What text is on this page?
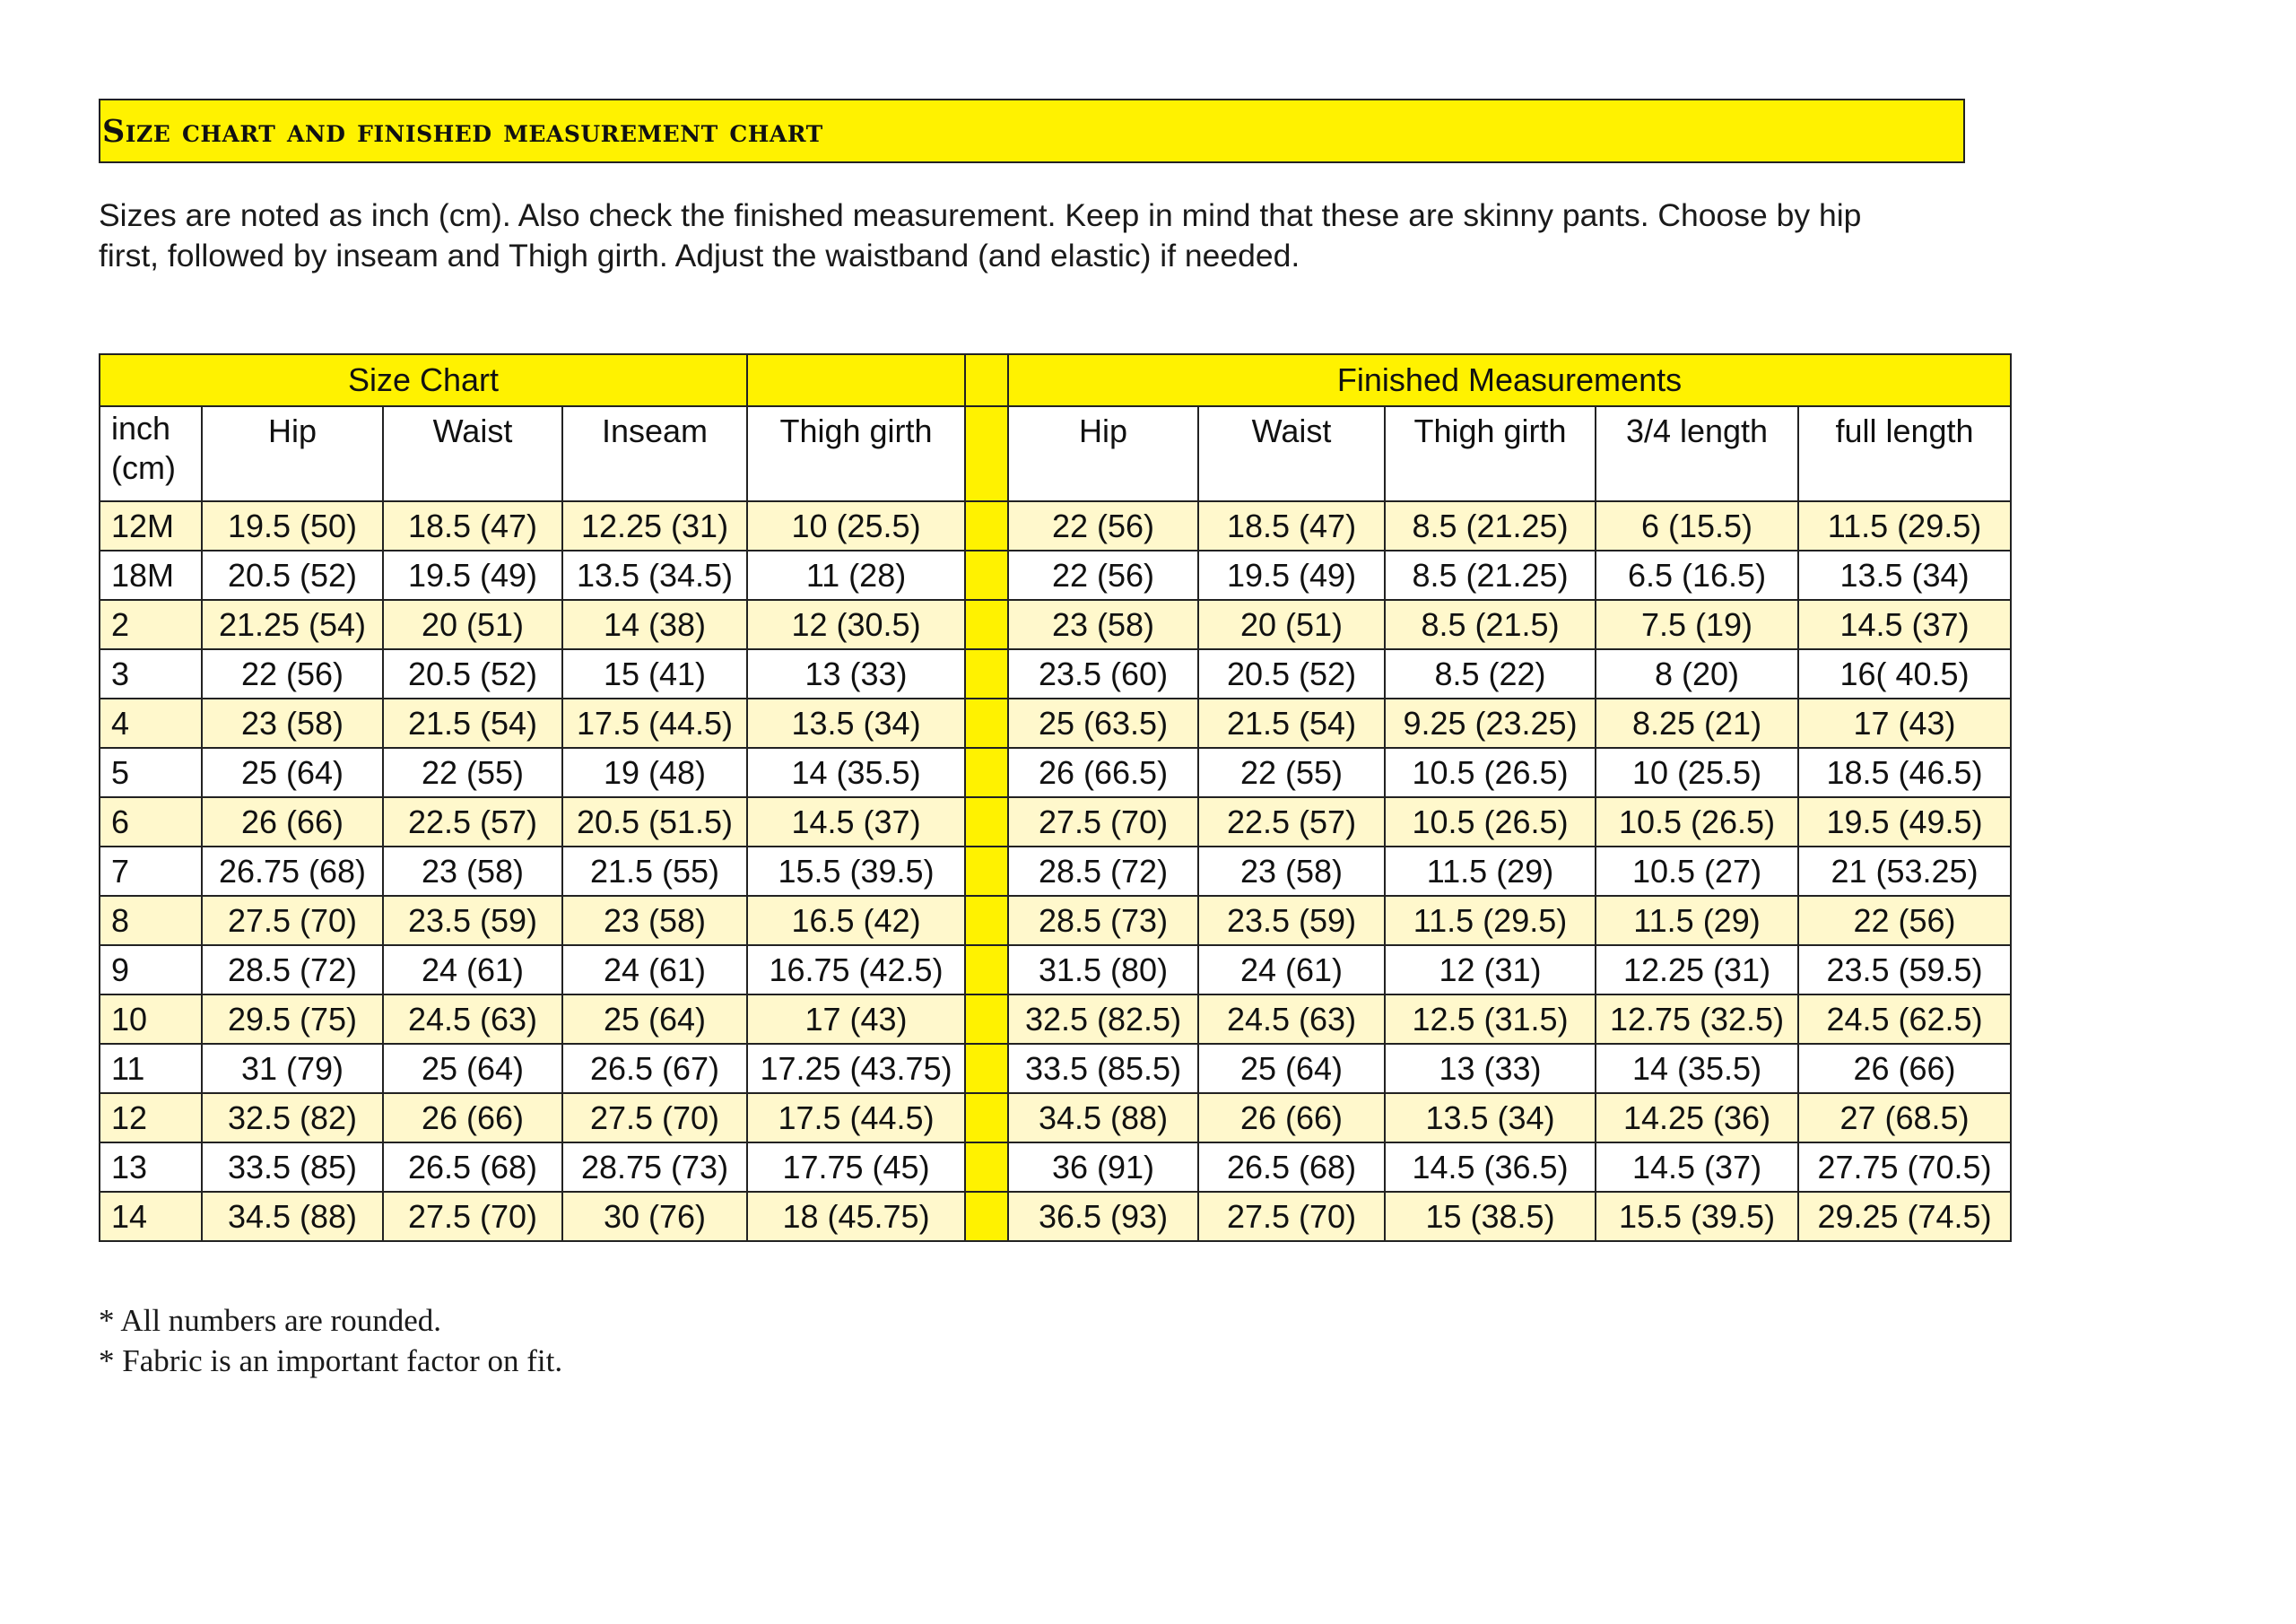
Size chart and finished measurement chart
Sizes are noted as inch (cm). Also check the finished measurement. Keep in mind that these are skinny pants. Choose by hip
first, followed by inseam and Thigh girth. Adjust the waistband (and elastic) if needed.
Size Chart						Finished Measurements				
inch (cm)	Hip	Waist	Inseam	Thigh girth		Hip	Waist	Thigh girth	3/4 length	full length
12M	19.5 (50)	18.5 (47)	12.25 (31)	10 (25.5)		22 (56)	18.5 (47)	8.5 (21.25)	6 (15.5)	11.5 (29.5)
18M	20.5 (52)	19.5 (49)	13.5 (34.5)	11 (28)		22 (56)	19.5 (49)	8.5 (21.25)	6.5 (16.5)	13.5 (34)
2	21.25 (54)	20 (51)	14 (38)	12 (30.5)		23 (58)	20 (51)	8.5 (21.5)	7.5 (19)	14.5 (37)
3	22 (56)	20.5 (52)	15 (41)	13 (33)		23.5 (60)	20.5 (52)	8.5 (22)	8 (20)	16( 40.5)
4	23 (58)	21.5 (54)	17.5 (44.5)	13.5 (34)		25 (63.5)	21.5 (54)	9.25 (23.25)	8.25 (21)	17 (43)
5	25 (64)	22 (55)	19 (48)	14 (35.5)		26 (66.5)	22 (55)	10.5 (26.5)	10 (25.5)	18.5 (46.5)
6	26 (66)	22.5 (57)	20.5 (51.5)	14.5 (37)		27.5 (70)	22.5 (57)	10.5 (26.5)	10.5 (26.5)	19.5 (49.5)
7	26.75 (68)	23 (58)	21.5 (55)	15.5 (39.5)		28.5 (72)	23 (58)	11.5 (29)	10.5 (27)	21 (53.25)
8	27.5 (70)	23.5 (59)	23 (58)	16.5 (42)		28.5 (73)	23.5 (59)	11.5 (29.5)	11.5 (29)	22 (56)
9	28.5 (72)	24 (61)	24 (61)	16.75 (42.5)		31.5 (80)	24 (61)	12 (31)	12.25 (31)	23.5 (59.5)
10	29.5 (75)	24.5 (63)	25 (64)	17 (43)		32.5 (82.5)	24.5 (63)	12.5 (31.5)	12.75 (32.5)	24.5 (62.5)
11	31 (79)	25 (64)	26.5 (67)	17.25 (43.75)		33.5 (85.5)	25 (64)	13 (33)	14 (35.5)	26 (66)
12	32.5 (82)	26 (66)	27.5 (70)	17.5 (44.5)		34.5 (88)	26 (66)	13.5 (34)	14.25 (36)	27 (68.5)
13	33.5 (85)	26.5 (68)	28.75 (73)	17.75 (45)		36 (91)	26.5 (68)	14.5 (36.5)	14.5 (37)	27.75 (70.5)
14	34.5 (88)	27.5 (70)	30 (76)	18 (45.75)		36.5 (93)	27.5 (70)	15 (38.5)	15.5 (39.5)	29.25 (74.5)
* All numbers are rounded.
* Fabric is an important factor on fit.
